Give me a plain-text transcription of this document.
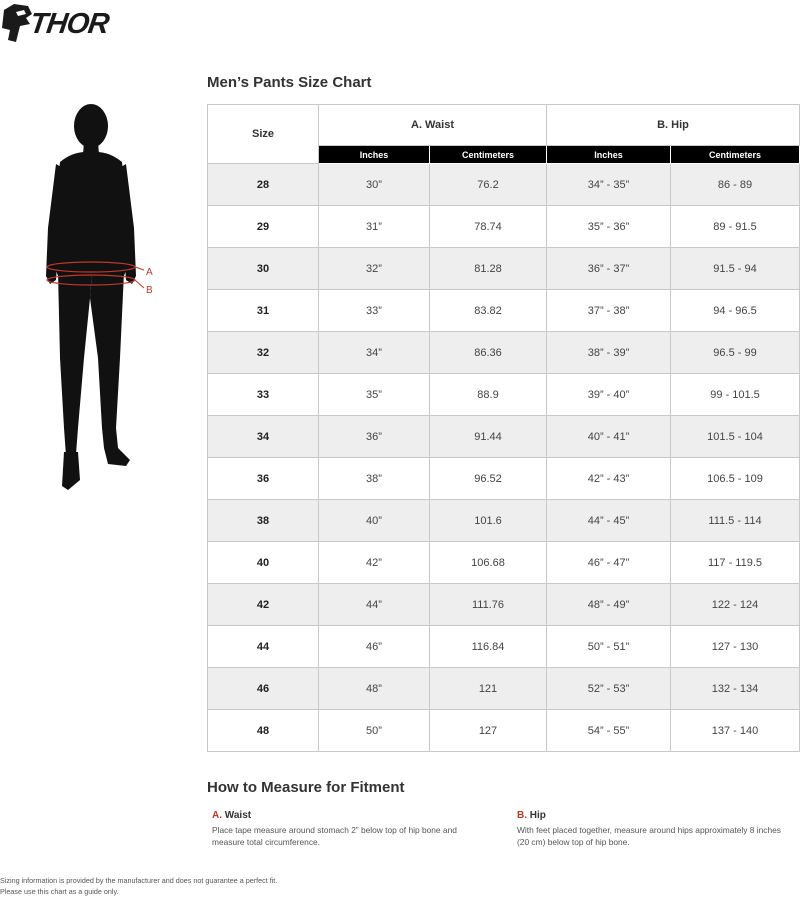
THOR
Men’s Pants Size Chart
A
B
Size	A. Waist		B. Hip	
	Inches	Centimeters	Inches	Centimeters
28	30”	76.2	34” - 35”	86 - 89
29	31”	78.74	35” - 36”	89 - 91.5
30	32”	81.28	36” - 37”	91.5 - 94
31	33”	83.82	37” - 38”	94 - 96.5
32	34”	86.36	38” - 39”	96.5 - 99
33	35”	88.9	39” - 40”	99 - 101.5
34	36”	91.44	40” - 41”	101.5 - 104
36	38”	96.52	42” - 43”	106.5 - 109
38	40”	101.6	44” - 45”	111.5 - 114
40	42”	106.68	46” - 47”	117 - 119.5
42	44”	111.76	48” - 49”	122 - 124
44	46”	116.84	50” - 51”	127 - 130
46	48”	121	52” - 53”	132 - 134
48	50”	127	54” - 55”	137 - 140
How to Measure for Fitment
A. Waist
Place tape measure around stomach 2” below top of hip bone and measure total circumference.
B. Hip
With feet placed together, measure around hips approximately 8 inches (20 cm) below top of hip bone.
Sizing information is provided by the manufacturer and does not guarantee a perfect fit.
Please use this chart as a guide only.
